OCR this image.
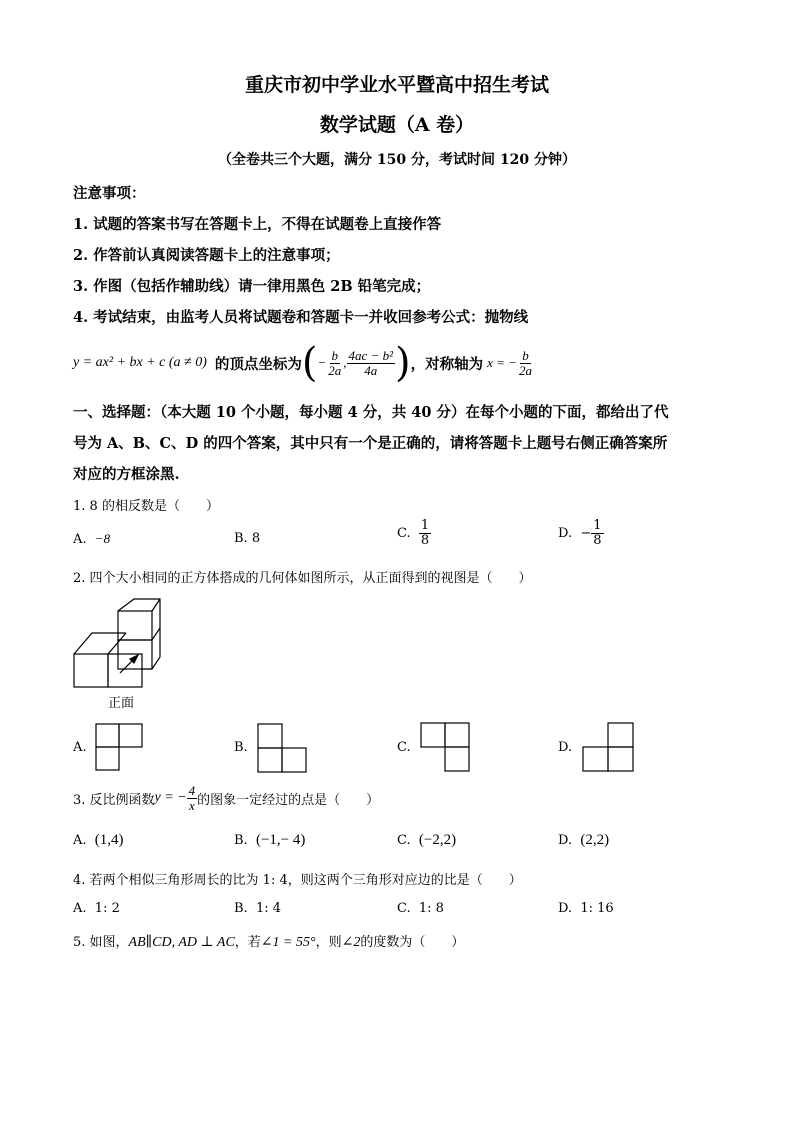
重庆市初中学业水平暨高中招生考试
数学试题（A 卷）
（全卷共三个大题，满分 150 分，考试时间 120 分钟）
注意事项：
1. 试题的答案书写在答题卡上，不得在试题卷上直接作答
2. 作答前认真阅读答题卡上的注意事项；
3. 作图（包括作辅助线）请一律用黑色 2B 铅笔完成；
4. 考试结束，由监考人员将试题卷和答题卡一并收回参考公式：抛物线
y = ax² + bx + c (a ≠ 0) 的顶点坐标为 ( − $\frac{b}{2a}$ , $\frac{\text{4ac − b²}}{4a}$ ) ，对称轴为 x = − $\frac{b}{2a}$
一、选择题：（本大题 10 个小题，每小题 4 分，共 40 分）在每个小题的下面，都给出了代
号为 A、B、C、D 的四个答案，其中只有一个是正确的，请将答题卡上题号右侧正确答案所
对应的方框涂黑.
1. 8 的相反数是（　　）
A. −8	B. 8	C.
$\frac{1}{8}$	D.
− $\frac{1}{8}$
2. 四个大小相同的正方体搭成的几何体如图所示，从正面得到的视图是（　　）
正面
A.	B.	C.	D.
3. 反比例函数 y = − $\frac{4}{x}$ 的图象一定经过的点是（　　）
A. (1,4)	B. (−1,− 4)	C. (−2,2)	D. (2,2)
4. 若两个相似三角形周长的比为 1: 4，则这两个三角形对应边的比是（　　）
A. 1: 2	B. 1: 4	C. 1: 8	D. 1: 16
5. 如图，AB∥CD, AD ⊥ AC，若∠1 = 55°，则∠2的度数为（　　）
